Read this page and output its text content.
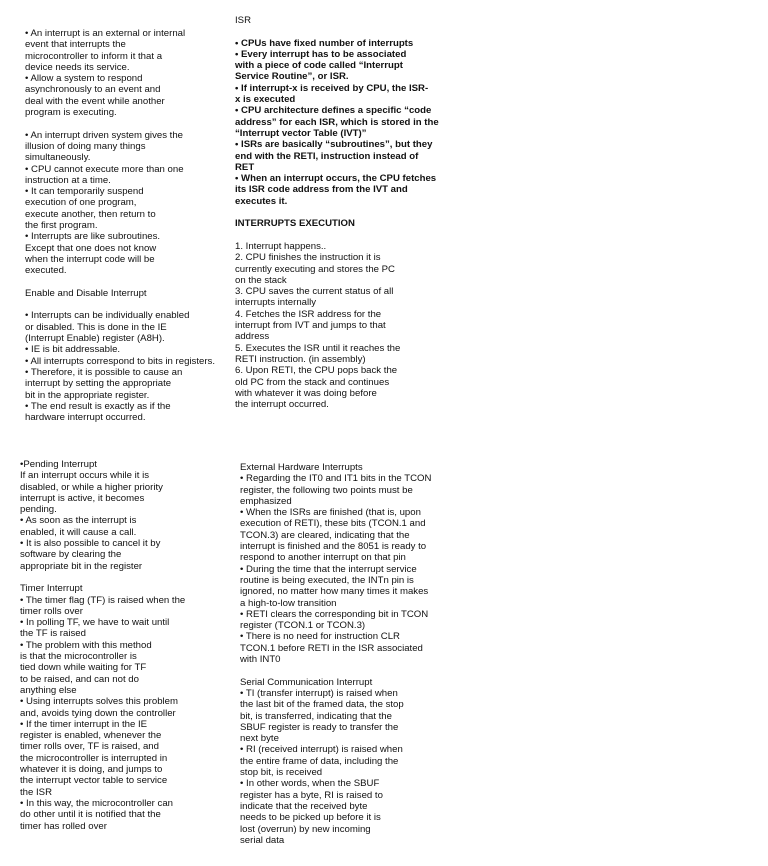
• An interrupt is an external or internal
event that interrupts the
microcontroller to inform it that a
device needs its service.
• Allow a system to respond
asynchronously to an event and
deal with the event while another
program is executing.

• An interrupt driven system gives the
illusion of doing many things
simultaneously.
• CPU cannot execute more than one
instruction at a time.
• It can temporarily suspend
execution of one program,
execute another, then return to
the first program.
• Interrupts are like subroutines.
Except that one does not know
when the interrupt code will be
executed.

Enable and Disable Interrupt

• Interrupts can be individually enabled
or disabled. This is done in the IE
(Interrupt Enable) register (A8H).
• IE is bit addressable.
• All interrupts correspond to bits in registers.
• Therefore, it is possible to cause an
interrupt by setting the appropriate
bit in the appropriate register.
• The end result is exactly as if the
hardware interrupt occurred.
ISR

• CPUs have fixed number of interrupts
• Every interrupt has to be associated
with a piece of code called “Interrupt
Service Routine”, or ISR.
• If interrupt-x is received by CPU, the ISR-
x is executed
• CPU architecture defines a specific “code
address” for each ISR, which is stored in the
“Interrupt vector Table (IVT)”
• ISRs are basically “subroutines”, but they
end with the RETI, instruction instead of
RET
• When an interrupt occurs, the CPU fetches
its ISR code address from the IVT and
executes it.

INTERRUPTS EXECUTION

1. Interrupt happens..
2. CPU finishes the instruction it is
currently executing and stores the PC
on the stack
3. CPU saves the current status of all
interrupts internally
4. Fetches the ISR address for the
interrupt from IVT and jumps to that
address
5. Executes the ISR until it reaches the
RETI instruction. (in assembly)
6. Upon RETI, the CPU pops back the
old PC from the stack and continues
with whatever it was doing before
the interrupt occurred.
•Pending Interrupt
If an interrupt occurs while it is
disabled, or while a higher priority
interrupt is active, it becomes
pending.
• As soon as the interrupt is
enabled, it will cause a call.
• It is also possible to cancel it by
software by clearing the
appropriate bit in the register

Timer Interrupt
• The timer flag (TF) is raised when the
timer rolls over
• In polling TF, we have to wait until
the TF is raised
• The problem with this method
is that the microcontroller is
tied down while waiting for TF
to be raised, and can not do
anything else
• Using interrupts solves this problem
and, avoids tying down the controller
• If the timer interrupt in the IE
register is enabled, whenever the
timer rolls over, TF is raised, and
the microcontroller is interrupted in
whatever it is doing, and jumps to
the interrupt vector table to service
the ISR
• In this way, the microcontroller can
do other until it is notified that the
timer has rolled over
External Hardware Interrupts
• Regarding the IT0 and IT1 bits in the TCON
register, the following two points must be
emphasized
• When the ISRs are finished (that is, upon
execution of RETI), these bits (TCON.1 and
TCON.3) are cleared, indicating that the
interrupt is finished and the 8051 is ready to
respond to another interrupt on that pin
• During the time that the interrupt service
routine is being executed, the INTn pin is
ignored, no matter how many times it makes
a high-to-low transition
• RETI clears the corresponding bit in TCON
register (TCON.1 or TCON.3)
• There is no need for instruction CLR
TCON.1 before RETI in the ISR associated
with INT0

Serial Communication Interrupt
• TI (transfer interrupt) is raised when
the last bit of the framed data, the stop
bit, is transferred, indicating that the
SBUF register is ready to transfer the
next byte
• RI (received interrupt) is raised when
the entire frame of data, including the
stop bit, is received
• In other words, when the SBUF
register has a byte, RI is raised to
indicate that the received byte
needs to be picked up before it is
lost (overrun) by new incoming
serial data
